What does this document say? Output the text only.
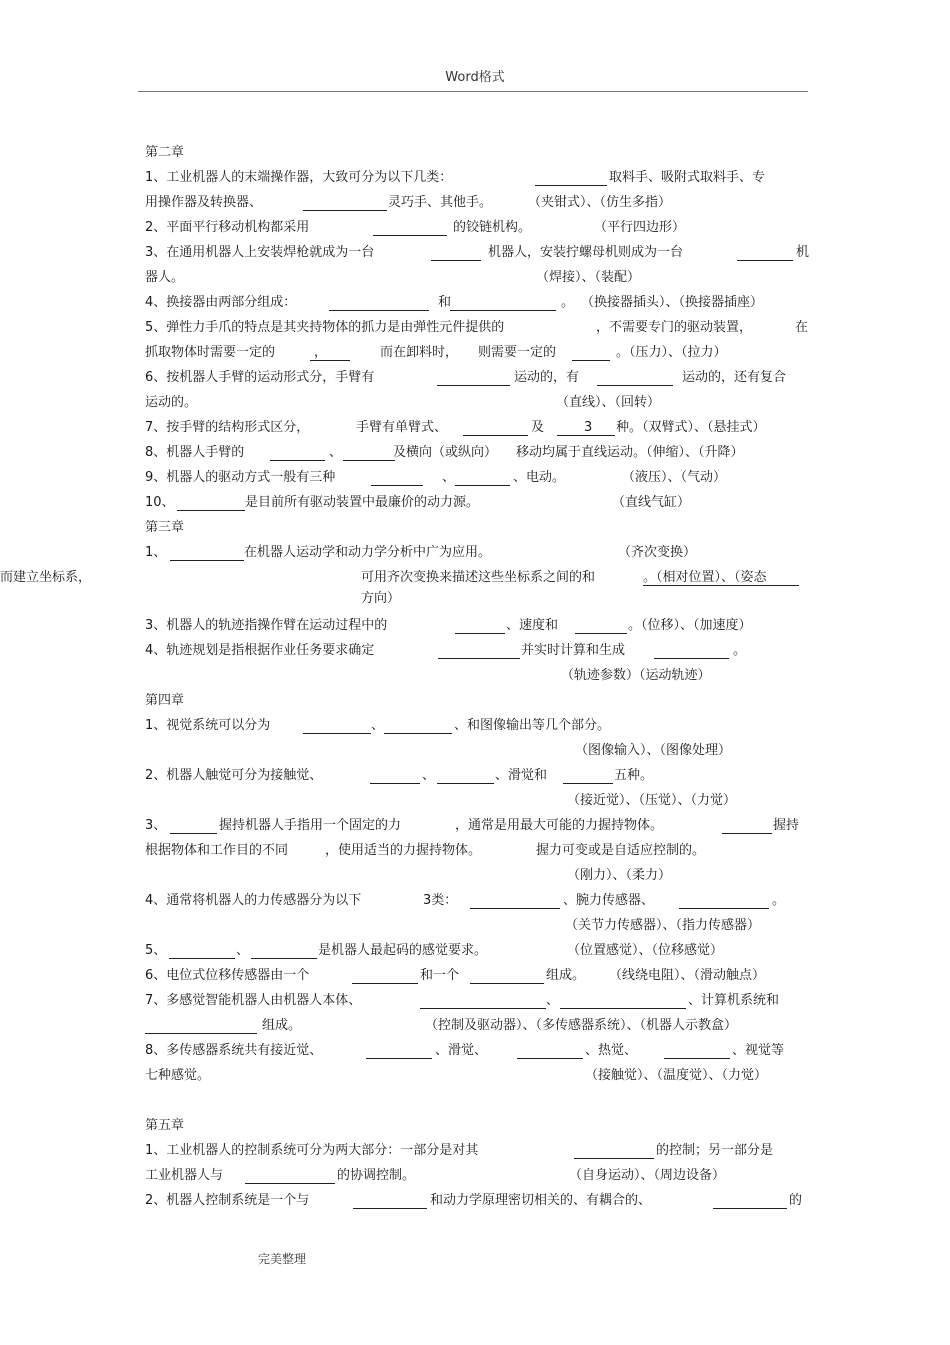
Word格式
第二章
1、工业机器人的末端操作器，大致可分为以下几类：	取料手、吸附式取料手、专
用操作器及转换器、	灵巧手、其他手。	（夹钳式）、（仿生多指）
2、平面平行移动机构都采用	的铰链机构。	（平行四边形）
3、在通用机器人上安装焊枪就成为一台	机器人，安装拧螺母机则成为一台	机
器人。	（焊接）、（装配）
4、换接器由两部分组成：	和	。 （换接器插头）、（换接器插座）
5、弹性力手爪的特点是其夹持物体的抓力是由弹性元件提供的	，不需要专门的驱动装置，	在
抓取物体时需要一定的	，	而在卸料时， 则需要一定的	。（压力）、（拉力）
6、按机器人手臂的运动形式分，手臂有	运动的，有	运动的，还有复合
运动的。	（直线）、（回转）
7、按手臂的结构形式区分，	手臂有单臂式、	及	3 种。（双臂式）、（悬挂式）
8、机器人手臂的	、	及横向（或纵向） 移动均属于直线运动。（伸缩）、（升降）
9、机器人的驱动方式一般有三种	、	、电动。	（液压）、（气动）
10、	是目前所有驱动装置中最廉价的动力源。	（直线气缸）
第三章
1、	在机器人运动学和动力学分析中广为应用。	（齐次变换）
而建立坐标系，	可用齐次变换来描述这些坐标系之间的和	。（相对位置）、（姿态
方向）
3、机器人的轨迹指操作臂在运动过程中的	、速度和	。（位移）、（加速度）
4、轨迹规划是指根据作业任务要求确定	并实时计算和生成	。
（轨迹参数）（运动轨迹）
第四章
1、视觉系统可以分为	、	、和图像输出等几个部分。
（图像输入）、（图像处理）
2、机器人触觉可分为接触觉、	、	、滑觉和	五种。
（接近觉）、（压觉）、（力觉）
3、	握持机器人手指用一个固定的力	，通常是用最大可能的力握持物体。	握持
根据物体和工作目的不同	，使用适当的力握持物体。	握力可变或是自适应控制的。
（刚力）、（柔力）
4、通常将机器人的力传感器分为以下	3类：	、腕力传感器、	。
（关节力传感器）、（指力传感器）
5、	、	是机器人最起码的感觉要求。	（位置感觉）、（位移感觉）
6、电位式位移传感器由一个	和一个	组成。 （线绕电阻）、（滑动触点）
7、多感觉智能机器人由机器人本体、	、	、计算机系统和
组成。	（控制及驱动器）、（多传感器系统）、（机器人示教盒）
8、多传感器系统共有接近觉、	、滑觉、	、热觉、	、视觉等
七种感觉。	（接触觉）、（温度觉）、（力觉）
第五章
1、工业机器人的控制系统可分为两大部分：一部分是对其	的控制；另一部分是
工业机器人与	的协调控制。	（自身运动）、（周边设备）
2、机器人控制系统是一个与	和动力学原理密切相关的、有耦合的、	的
完美整理
